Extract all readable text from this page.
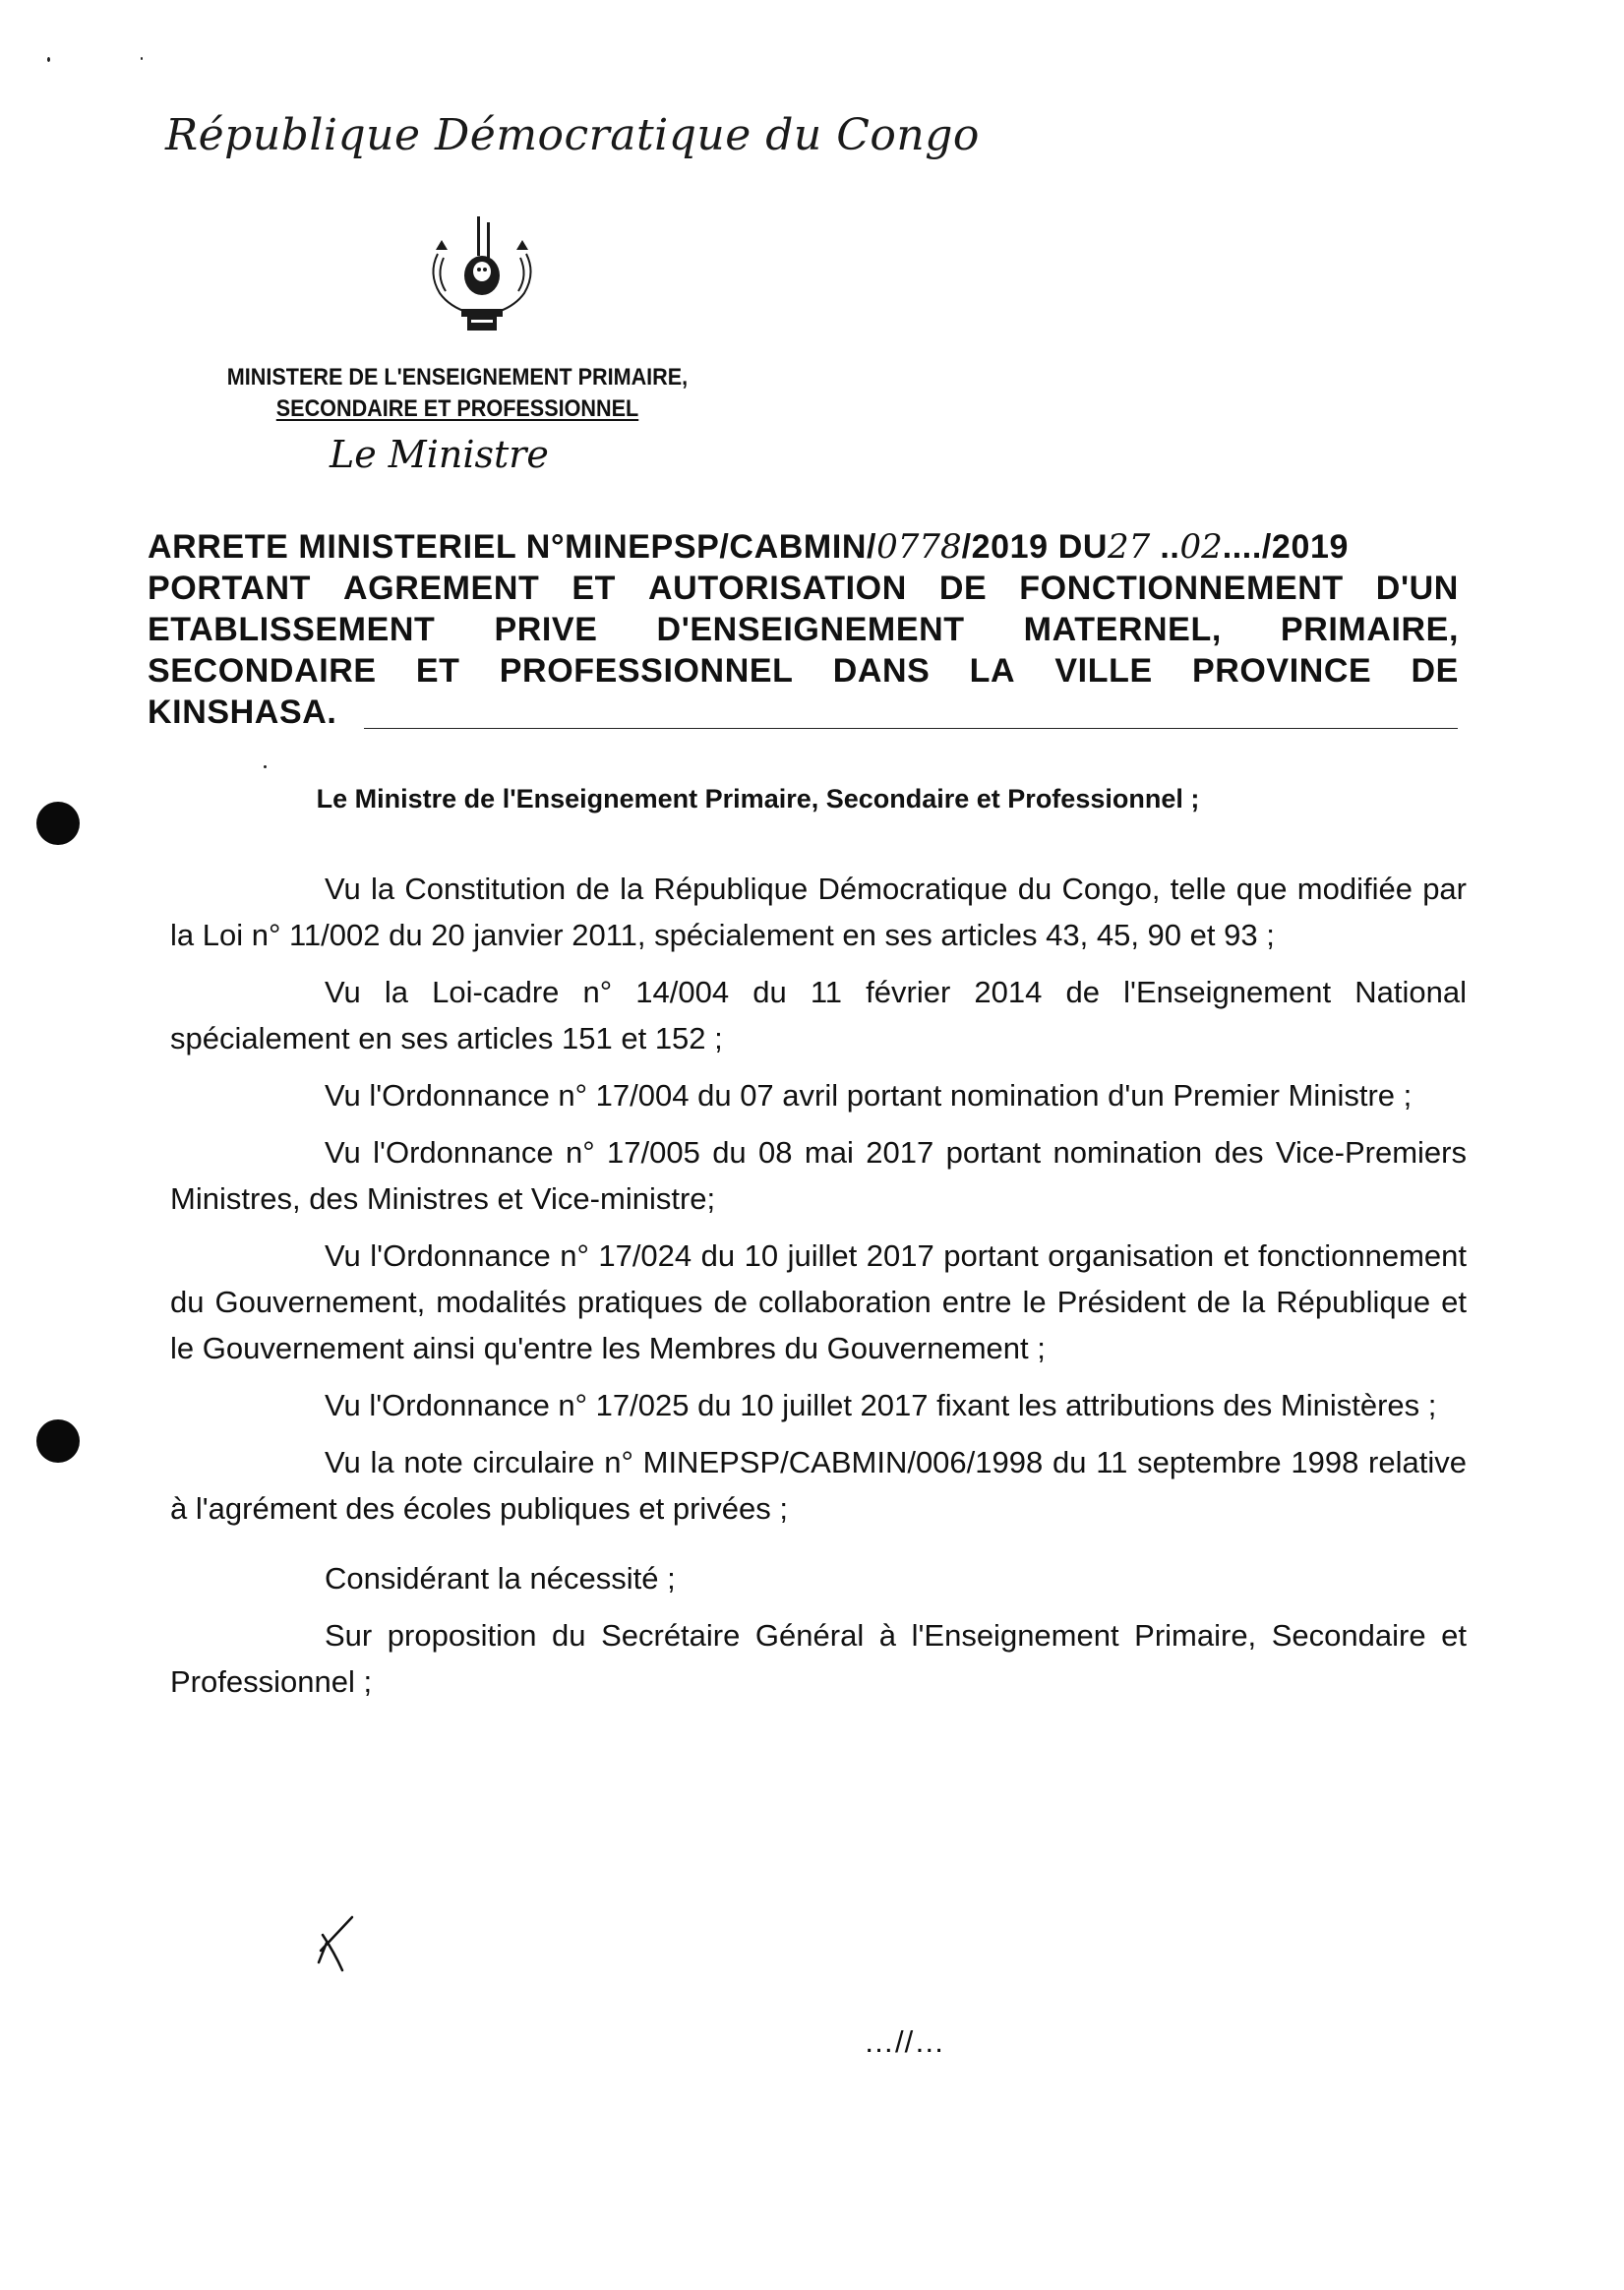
République Démocratique du Congo
MINISTERE DE L'ENSEIGNEMENT PRIMAIRE,
SECONDAIRE ET PROFESSIONNEL
Le Ministre
ARRETE MINISTERIEL N°MINEPSP/CABMIN/0778/2019 DU27 ..02..../2019
PORTANT AGREMENT ET AUTORISATION DE FONCTIONNEMENT D'UN
ETABLISSEMENT PRIVE D'ENSEIGNEMENT MATERNEL, PRIMAIRE,
SECONDAIRE ET PROFESSIONNEL DANS LA VILLE PROVINCE DE
KINSHASA.
Le Ministre de l'Enseignement Primaire, Secondaire et Professionnel ;

Vu la Constitution de la République Démocratique du Congo, telle que modifiée par la Loi n° 11/002 du 20 janvier 2011, spécialement en ses articles 43, 45, 90 et 93 ;

Vu la Loi-cadre n° 14/004 du 11 février 2014 de l'Enseignement National spécialement en ses articles 151 et 152 ;

Vu l'Ordonnance n° 17/004 du 07 avril portant nomination d'un Premier Ministre ;

Vu l'Ordonnance n° 17/005 du 08 mai 2017 portant nomination des Vice-Premiers Ministres, des Ministres et Vice-ministre;

Vu l'Ordonnance n° 17/024 du 10 juillet 2017 portant organisation et fonctionnement du Gouvernement, modalités pratiques de collaboration entre le Président de la République et le Gouvernement ainsi qu'entre les Membres du Gouvernement ;

Vu l'Ordonnance n° 17/025 du 10 juillet 2017 fixant les attributions des Ministères ;

Vu la note circulaire n° MINEPSP/CABMIN/006/1998 du 11 septembre 1998 relative à l'agrément des écoles publiques et privées ;

Considérant la nécessité ;

Sur proposition du Secrétaire Général à l'Enseignement Primaire, Secondaire et Professionnel ;

…//…
